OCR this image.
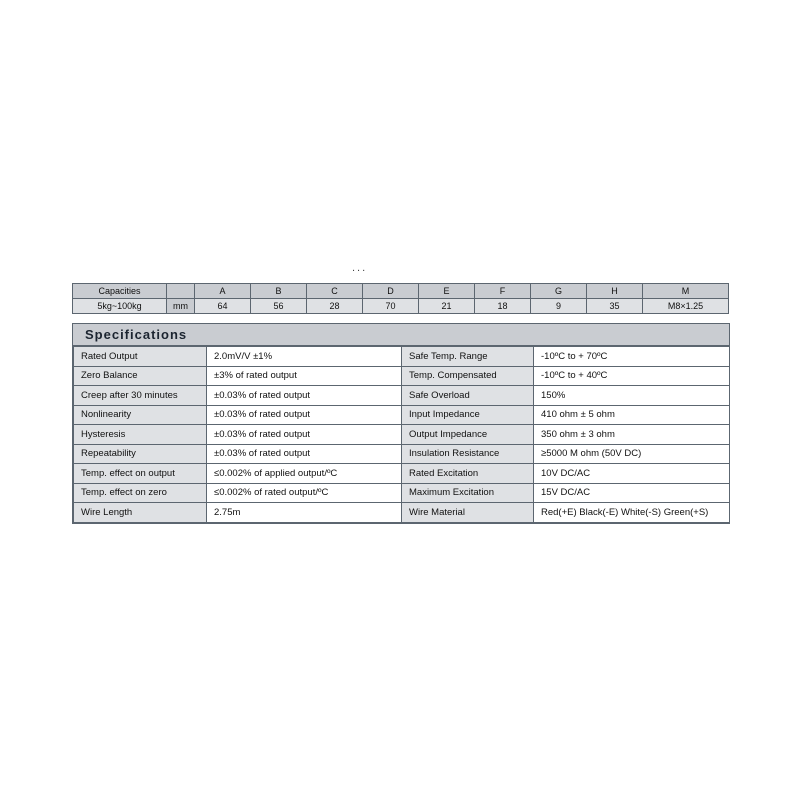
...
Capacities		A	B	C	D	E	F	G	H	M
5kg~100kg	mm	64	56	28	70	21	18	9	35	M8×1.25
Specifications
Rated Output	2.0mV/V ±1%	Safe Temp. Range	-10ºC to + 70ºC
Zero Balance	±3% of rated output	Temp. Compensated	-10ºC to + 40ºC
Creep after 30 minutes	±0.03% of rated output	Safe Overload	150%
Nonlinearity	±0.03% of rated output	Input Impedance	410 ohm ± 5 ohm
Hysteresis	±0.03% of rated output	Output Impedance	350 ohm ± 3 ohm
Repeatability	±0.03% of rated output	Insulation Resistance	≥5000 M ohm (50V DC)
Temp. effect on output	≤0.002% of applied output/ºC	Rated Excitation	10V DC/AC
Temp. effect on zero	≤0.002% of rated output/ºC	Maximum Excitation	15V DC/AC
Wire Length	2.75m	Wire Material	Red(+E) Black(-E) White(-S) Green(+S)
